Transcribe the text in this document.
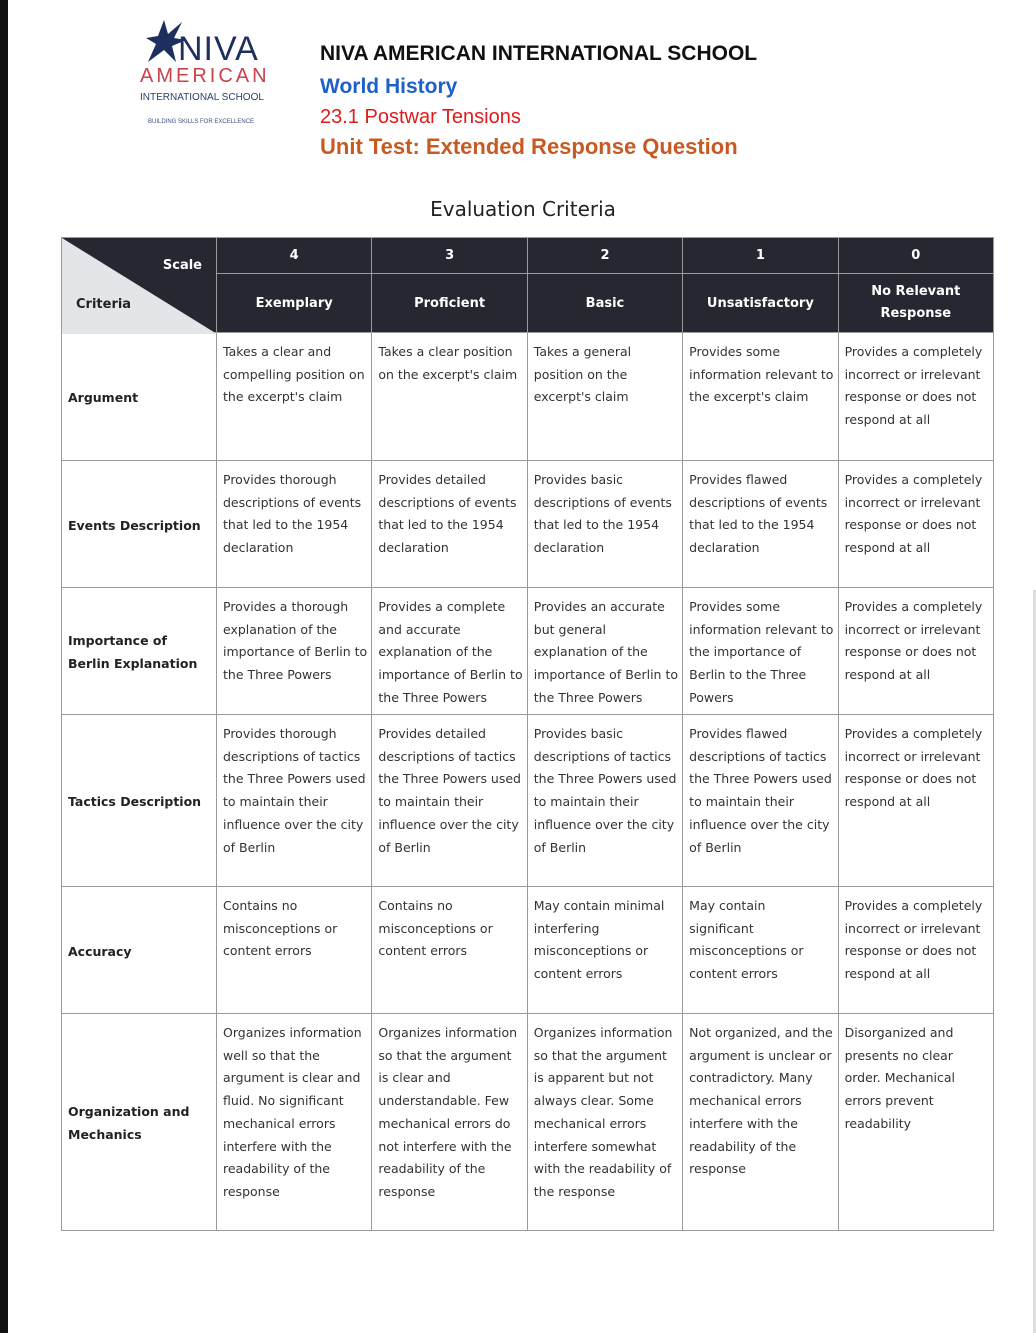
NIVA
AMERICAN
INTERNATIONAL SCHOOL
BUILDING SKILLS FOR EXCELLENCE
NIVA AMERICAN INTERNATIONAL SCHOOL
World History
23.1 Postwar Tensions
Unit Test: Extended Response Question
Evaluation Criteria
Scale
Criteria	4	3	2	1	0
	Exemplary	Proficient	Basic	Unsatisfactory	No Relevant Response
Argument	Takes a clear and compelling position on the excerpt's claim	Takes a clear position on the excerpt's claim	Takes a general position on the excerpt's claim	Provides some information relevant to the excerpt's claim	Provides a completely incorrect or irrelevant response or does not respond at all
Events Description	Provides thorough descriptions of events that led to the 1954 declaration	Provides detailed descriptions of events that led to the 1954 declaration	Provides basic descriptions of events that led to the 1954 declaration	Provides flawed descriptions of events that led to the 1954 declaration	Provides a completely incorrect or irrelevant response or does not respond at all
Importance of Berlin Explanation	Provides a thorough explanation of the importance of Berlin to the Three Powers	Provides a complete and accurate explanation of the importance of Berlin to the Three Powers	Provides an accurate but general explanation of the importance of Berlin to the Three Powers	Provides some information relevant to the importance of Berlin to the Three Powers	Provides a completely incorrect or irrelevant response or does not respond at all
Tactics Description	Provides thorough descriptions of tactics the Three Powers used to maintain their influence over the city of Berlin	Provides detailed descriptions of tactics the Three Powers used to maintain their influence over the city of Berlin	Provides basic descriptions of tactics the Three Powers used to maintain their influence over the city of Berlin	Provides flawed descriptions of tactics the Three Powers used to maintain their influence over the city of Berlin	Provides a completely incorrect or irrelevant response or does not respond at all
Accuracy	Contains no misconceptions or content errors	Contains no misconceptions or content errors	May contain minimal interfering misconceptions or content errors	May contain significant misconceptions or content errors	Provides a completely incorrect or irrelevant response or does not respond at all
Organization and Mechanics	Organizes information well so that the argument is clear and fluid. No significant mechanical errors interfere with the readability of the response	Organizes information so that the argument is clear and understandable. Few mechanical errors do not interfere with the readability of the response	Organizes information so that the argument is apparent but not always clear. Some mechanical errors interfere somewhat with the readability of the response	Not organized, and the argument is unclear or contradictory. Many mechanical errors interfere with the readability of the response	Disorganized and presents no clear order. Mechanical errors prevent readability
